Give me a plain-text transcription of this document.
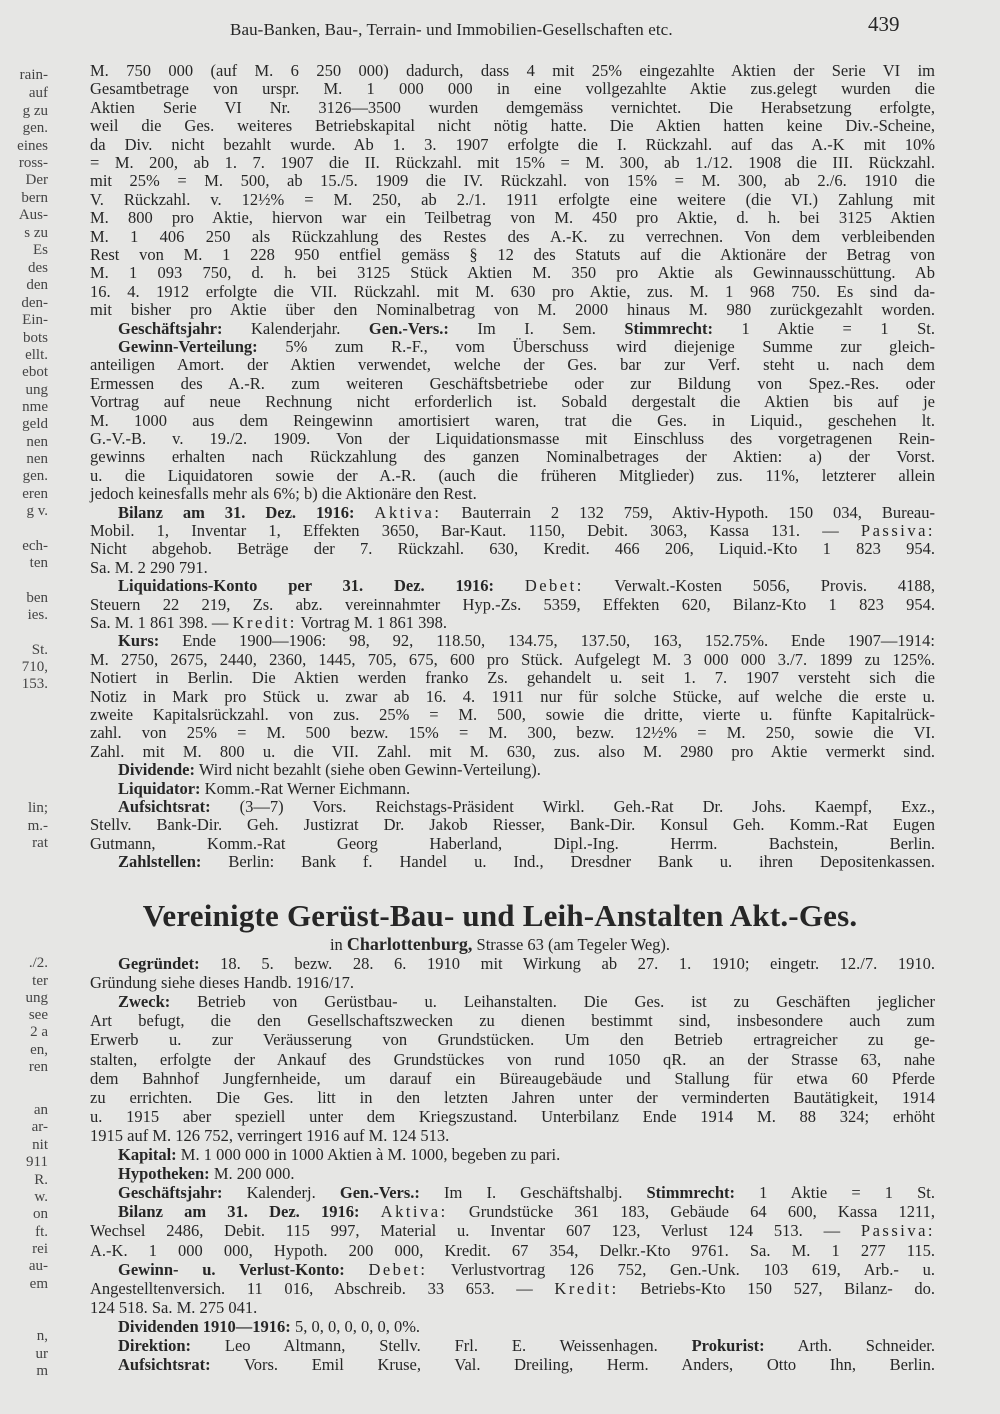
rain-
auf
g zu
gen.
eines
ross-
Der
bern
Aus-
s zu
Es
des
den
den-
Ein-
bots
ellt.
ebot
ung
nme
geld
nen
nen
gen.
eren
g v.
ech-
ten
ben
ies.
St.
710,
153.
lin;
m.-
rat
./2.
ter
ung
see
2 a
en,
ren
an
ar-
nit
911
R.
w.
on
ft.
rei
au-
em
n,
ur
m
Bau-Banken, Bau-, Terrain- und Immobilien-Gesellschaften etc.	439
M. 750 000 (auf M. 6 250 000) dadurch, dass 4 mit 25% eingezahlte Aktien der Serie VI im
Gesamtbetrage von urspr. M. 1 000 000 in eine vollgezahlte Aktie zus.gelegt wurden die
Aktien Serie VI Nr. 3126—3500 wurden demgemäss vernichtet. Die Herabsetzung erfolgte,
weil die Ges. weiteres Betriebskapital nicht nötig hatte. Die Aktien hatten keine Div.-Scheine,
da Div. nicht bezahlt wurde. Ab 1. 3. 1907 erfolgte die I. Rückzahl. auf das A.-K mit 10%
= M. 200, ab 1. 7. 1907 die II. Rückzahl. mit 15% = M. 300, ab 1./12. 1908 die III. Rückzahl.
mit 25% = M. 500, ab 15./5. 1909 die IV. Rückzahl. von 15% = M. 300, ab 2./6. 1910 die
V. Rückzahl. v. 12½% = M. 250, ab 2./1. 1911 erfolgte eine weitere (die VI.) Zahlung mit
M. 800 pro Aktie, hiervon war ein Teilbetrag von M. 450 pro Aktie, d. h. bei 3125 Aktien
M. 1 406 250 als Rückzahlung des Restes des A.-K. zu verrechnen. Von dem verbleibenden
Rest von M. 1 228 950 entfiel gemäss § 12 des Statuts auf die Aktionäre der Betrag von
M. 1 093 750, d. h. bei 3125 Stück Aktien M. 350 pro Aktie als Gewinnausschüttung. Ab
16. 4. 1912 erfolgte die VII. Rückzahl. mit M. 630 pro Aktie, zus. M. 1 968 750. Es sind da-
mit bisher pro Aktie über den Nominalbetrag von M. 2000 hinaus M. 980 zurückgezahlt worden.
Geschäftsjahr: Kalenderjahr. Gen.-Vers.: Im I. Sem. Stimmrecht: 1 Aktie = 1 St.
Gewinn-Verteilung: 5% zum R.-F., vom Überschuss wird diejenige Summe zur gleich-
anteiligen Amort. der Aktien verwendet, welche der Ges. bar zur Verf. steht u. nach dem
Ermessen des A.-R. zum weiteren Geschäftsbetriebe oder zur Bildung von Spez.-Res. oder
Vortrag auf neue Rechnung nicht erforderlich ist. Sobald dergestalt die Aktien bis auf je
M. 1000 aus dem Reingewinn amortisiert waren, trat die Ges. in Liquid., geschehen lt.
G.-V.-B. v. 19./2. 1909. Von der Liquidationsmasse mit Einschluss des vorgetragenen Rein-
gewinns erhalten nach Rückzahlung des ganzen Nominalbetrages der Aktien: a) der Vorst.
u. die Liquidatoren sowie der A.-R. (auch die früheren Mitglieder) zus. 11%, letzterer allein
jedoch keinesfalls mehr als 6%; b) die Aktionäre den Rest.
Bilanz am 31. Dez. 1916: Aktiva: Bauterrain 2 132 759, Aktiv-Hypoth. 150 034, Bureau-
Mobil. 1, Inventar 1, Effekten 3650, Bar-Kaut. 1150, Debit. 3063, Kassa 131. — Passiva:
Nicht abgehob. Beträge der 7. Rückzahl. 630, Kredit. 466 206, Liquid.-Kto 1 823 954.
Sa. M. 2 290 791.
Liquidations-Konto per 31. Dez. 1916: Debet: Verwalt.-Kosten 5056, Provis. 4188,
Steuern 22 219, Zs. abz. vereinnahmter Hyp.-Zs. 5359, Effekten 620, Bilanz-Kto 1 823 954.
Sa. M. 1 861 398. — Kredit: Vortrag M. 1 861 398.
Kurs: Ende 1900—1906: 98, 92, 118.50, 134.75, 137.50, 163, 152.75%. Ende 1907—1914:
M. 2750, 2675, 2440, 2360, 1445, 705, 675, 600 pro Stück. Aufgelegt M. 3 000 000 3./7. 1899 zu 125%.
Notiert in Berlin. Die Aktien werden franko Zs. gehandelt u. seit 1. 7. 1907 versteht sich die
Notiz in Mark pro Stück u. zwar ab 16. 4. 1911 nur für solche Stücke, auf welche die erste u.
zweite Kapitalsrückzahl. von zus. 25% = M. 500, sowie die dritte, vierte u. fünfte Kapitalrück-
zahl. von 25% = M. 500 bezw. 15% = M. 300, bezw. 12½% = M. 250, sowie die VI.
Zahl. mit M. 800 u. die VII. Zahl. mit M. 630, zus. also M. 2980 pro Aktie vermerkt sind.
Dividende: Wird nicht bezahlt (siehe oben Gewinn-Verteilung).
Liquidator: Komm.-Rat Werner Eichmann.
Aufsichtsrat: (3—7) Vors. Reichstags-Präsident Wirkl. Geh.-Rat Dr. Johs. Kaempf, Exz.,
Stellv. Bank-Dir. Geh. Justizrat Dr. Jakob Riesser, Bank-Dir. Konsul Geh. Komm.-Rat Eugen
Gutmann, Komm.-Rat Georg Haberland, Dipl.-Ing. Herrm. Bachstein, Berlin.
Zahlstellen: Berlin: Bank f. Handel u. Ind., Dresdner Bank u. ihren Depositenkassen.
Vereinigte Gerüst-Bau- und Leih-Anstalten Akt.-Ges.
in Charlottenburg, Strasse 63 (am Tegeler Weg).
Gegründet: 18. 5. bezw. 28. 6. 1910 mit Wirkung ab 27. 1. 1910; eingetr. 12./7. 1910.
Gründung siehe dieses Handb. 1916/17.
Zweck: Betrieb von Gerüstbau- u. Leihanstalten. Die Ges. ist zu Geschäften jeglicher
Art befugt, die den Gesellschaftszwecken zu dienen bestimmt sind, insbesondere auch zum
Erwerb u. zur Veräusserung von Grundstücken. Um den Betrieb ertragreicher zu ge-
stalten, erfolgte der Ankauf des Grundstückes von rund 1050 qR. an der Strasse 63, nahe
dem Bahnhof Jungfernheide, um darauf ein Büreaugebäude und Stallung für etwa 60 Pferde
zu errichten. Die Ges. litt in den letzten Jahren unter der verminderten Bautätigkeit, 1914
u. 1915 aber speziell unter dem Kriegszustand. Unterbilanz Ende 1914 M. 88 324; erhöht
1915 auf M. 126 752, verringert 1916 auf M. 124 513.
Kapital: M. 1 000 000 in 1000 Aktien à M. 1000, begeben zu pari.
Hypotheken: M. 200 000.
Geschäftsjahr: Kalenderj. Gen.-Vers.: Im I. Geschäftshalbj. Stimmrecht: 1 Aktie = 1 St.
Bilanz am 31. Dez. 1916: Aktiva: Grundstücke 361 183, Gebäude 64 600, Kassa 1211,
Wechsel 2486, Debit. 115 997, Material u. Inventar 607 123, Verlust 124 513. — Passiva:
A.-K. 1 000 000, Hypoth. 200 000, Kredit. 67 354, Delkr.-Kto 9761. Sa. M. 1 277 115.
Gewinn- u. Verlust-Konto: Debet: Verlustvortrag 126 752, Gen.-Unk. 103 619, Arb.- u.
Angestelltenversich. 11 016, Abschreib. 33 653. — Kredit: Betriebs-Kto 150 527, Bilanz- do.
124 518. Sa. M. 275 041.
Dividenden 1910—1916: 5, 0, 0, 0, 0, 0, 0%.
Direktion: Leo Altmann, Stellv. Frl. E. Weissenhagen. Prokurist: Arth. Schneider.
Aufsichtsrat: Vors. Emil Kruse, Val. Dreiling, Herm. Anders, Otto Ihn, Berlin.
